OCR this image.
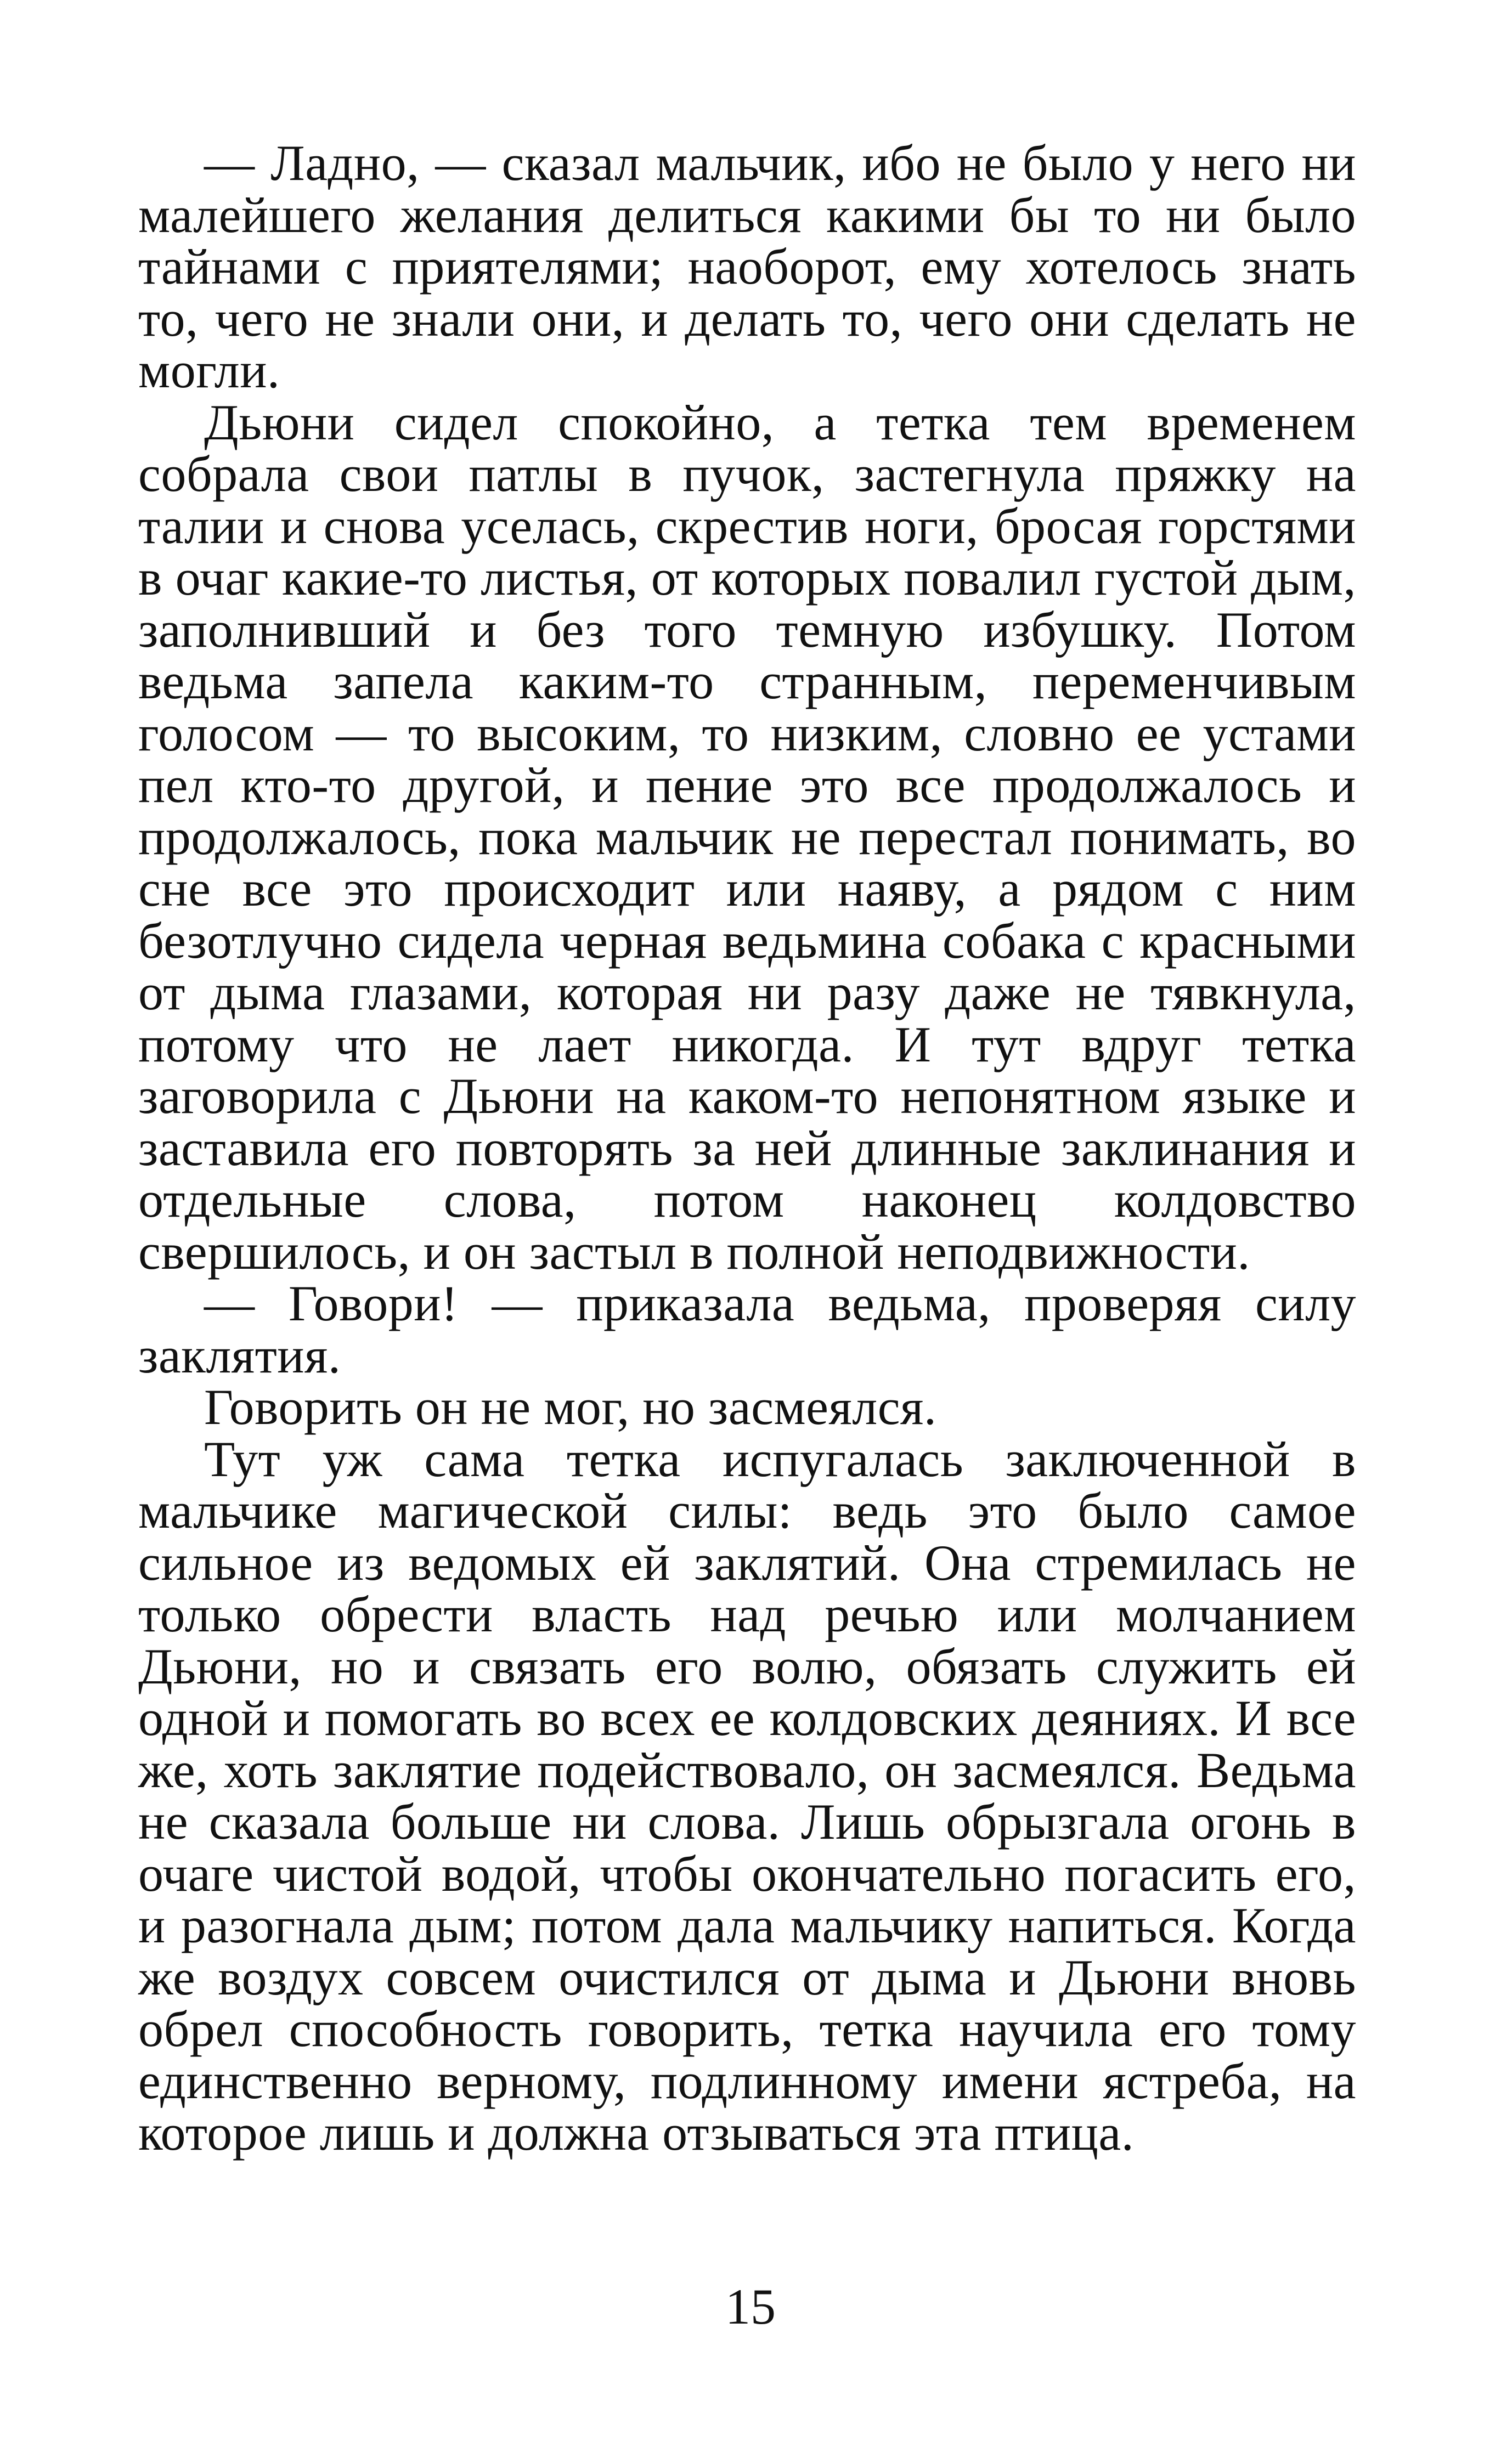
— Ладно, — сказал мальчик, ибо не было у него ни малейшего желания делиться какими бы то ни было тайнами с приятелями; наоборот, ему хотелось знать то, чего не знали они, и делать то, чего они сделать не могли.

Дьюни сидел спокойно, а тетка тем временем собрала свои патлы в пучок, застегнула пряжку на талии и снова уселась, скрестив ноги, бросая горстями в очаг какие-то листья, от которых повалил густой дым, заполнивший и без того темную избушку. Потом ведьма запела каким-то странным, переменчивым голосом — то высоким, то низким, словно ее устами пел кто-то другой, и пение это все продолжалось и продолжалось, пока мальчик не перестал понимать, во сне все это происходит или наяву, а рядом с ним безотлучно сидела черная ведьмина собака с красными от дыма глазами, которая ни разу даже не тявкнула, потому что не лает никогда. И тут вдруг тетка заговорила с Дьюни на каком-то непонятном языке и заставила его повторять за ней длинные заклинания и отдельные слова, потом наконец колдовство свершилось, и он застыл в полной неподвижности.

— Говори! — приказала ведьма, проверяя силу заклятия.

Говорить он не мог, но засмеялся.

Тут уж сама тетка испугалась заключенной в мальчике магической силы: ведь это было самое сильное из ведомых ей заклятий. Она стремилась не только обрести власть над речью или молчанием Дьюни, но и связать его волю, обязать служить ей одной и помогать во всех ее колдовских деяниях. И все же, хоть заклятие подействовало, он засмеялся. Ведьма не сказала больше ни слова. Лишь обрызгала огонь в очаге чистой водой, чтобы окончательно погасить его, и разогнала дым; потом дала мальчику напиться. Когда же воздух совсем очистился от дыма и Дьюни вновь обрел способность говорить, тетка научила его тому единственно верному, подлинному имени ястреба, на которое лишь и должна отзываться эта птица.

15
